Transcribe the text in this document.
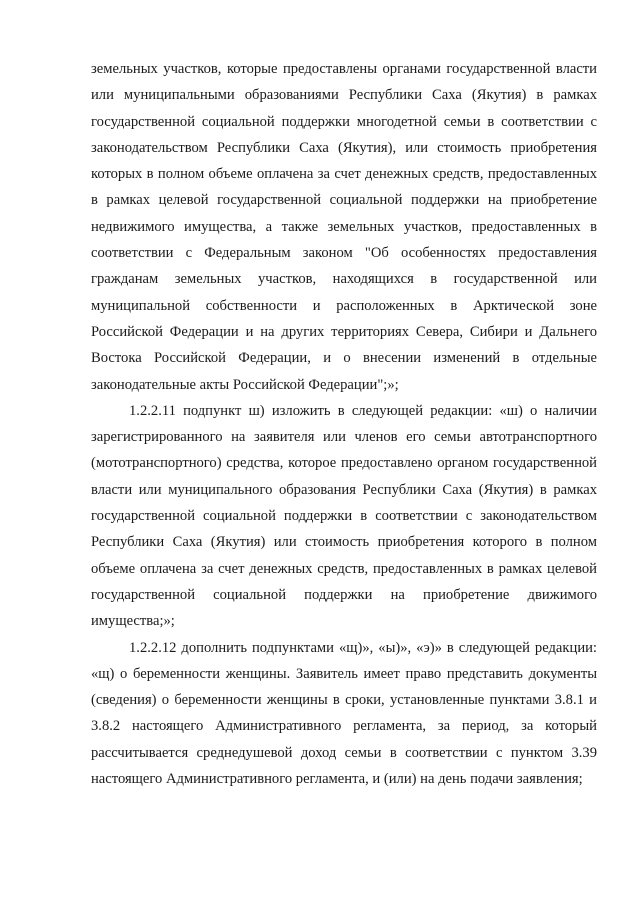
земельных участков, которые предоставлены органами государственной власти или муниципальными образованиями Республики Саха (Якутия) в рамках государственной социальной поддержки многодетной семьи в соответствии с законодательством Республики Саха (Якутия), или стоимость приобретения которых в полном объеме оплачена за счет денежных средств, предоставленных в рамках целевой государственной социальной поддержки на приобретение недвижимого имущества, а также земельных участков, предоставленных в соответствии с Федеральным законом "Об особенностях предоставления гражданам земельных участков, находящихся в государственной или муниципальной собственности и расположенных в Арктической зоне Российской Федерации и на других территориях Севера, Сибири и Дальнего Востока Российской Федерации, и о внесении изменений в отдельные законодательные акты Российской Федерации";»;

1.2.2.11 подпункт ш) изложить в следующей редакции: «ш) о наличии зарегистрированного на заявителя или членов его семьи автотранспортного (мототранспортного) средства, которое предоставлено органом государственной власти или муниципального образования Республики Саха (Якутия) в рамках государственной социальной поддержки в соответствии с законодательством Республики Саха (Якутия) или стоимость приобретения которого в полном объеме оплачена за счет денежных средств, предоставленных в рамках целевой государственной социальной поддержки на приобретение движимого имущества;»;

1.2.2.12 дополнить подпунктами «щ)», «ы)», «э)» в следующей редакции: «щ) о беременности женщины. Заявитель имеет право представить документы (сведения) о беременности женщины в сроки, установленные пунктами 3.8.1 и 3.8.2 настоящего Административного регламента, за период, за который рассчитывается среднедушевой доход семьи в соответствии с пунктом 3.39 настоящего Административного регламента, и (или) на день подачи заявления;
